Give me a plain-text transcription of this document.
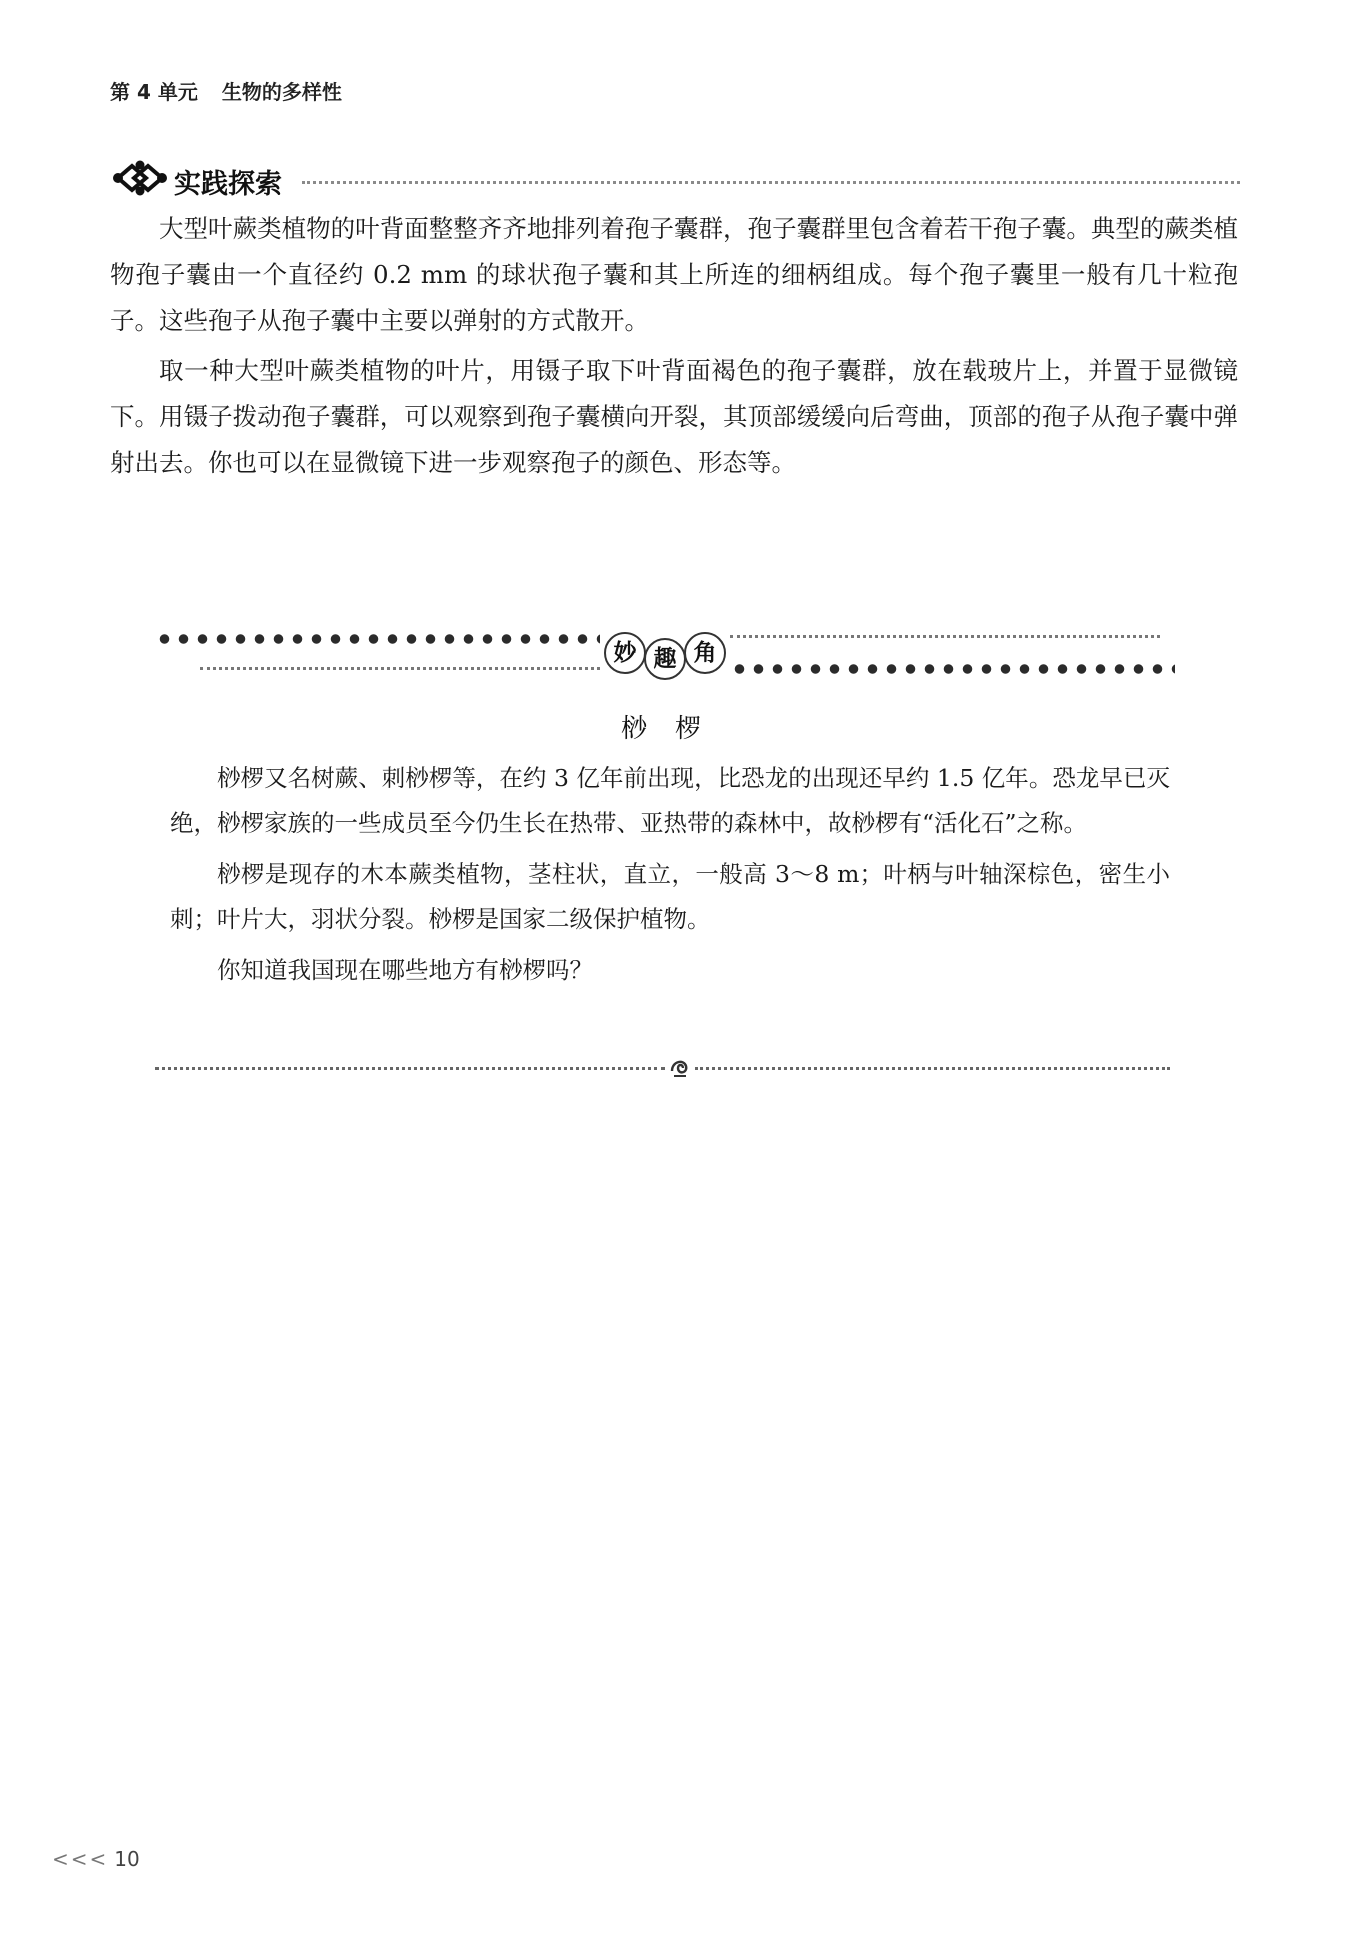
第 4 单元 生物的多样性
实践探索

大型叶蕨类植物的叶背面整整齐齐地排列着孢子囊群，孢子囊群里包含着若干孢子囊。典型的蕨类植物孢子囊由一个直径约 0.2 mm 的球状孢子囊和其上所连的细柄组成。每个孢子囊里一般有几十粒孢子。这些孢子从孢子囊中主要以弹射的方式散开。

取一种大型叶蕨类植物的叶片，用镊子取下叶背面褐色的孢子囊群，放在载玻片上，并置于显微镜下。用镊子拨动孢子囊群，可以观察到孢子囊横向开裂，其顶部缓缓向后弯曲，顶部的孢子从孢子囊中弹射出去。你也可以在显微镜下进一步观察孢子的颜色、形态等。

妙 趣 角
桫椤

桫椤又名树蕨、刺桫椤等，在约 3 亿年前出现，比恐龙的出现还早约 1.5 亿年。恐龙早已灭绝，桫椤家族的一些成员至今仍生长在热带、亚热带的森林中，故桫椤有“活化石”之称。

桫椤是现存的木本蕨类植物，茎柱状，直立，一般高 3～8 m；叶柄与叶轴深棕色，密生小刺；叶片大，羽状分裂。桫椤是国家二级保护植物。

你知道我国现在哪些地方有桫椤吗？

<<< 10
